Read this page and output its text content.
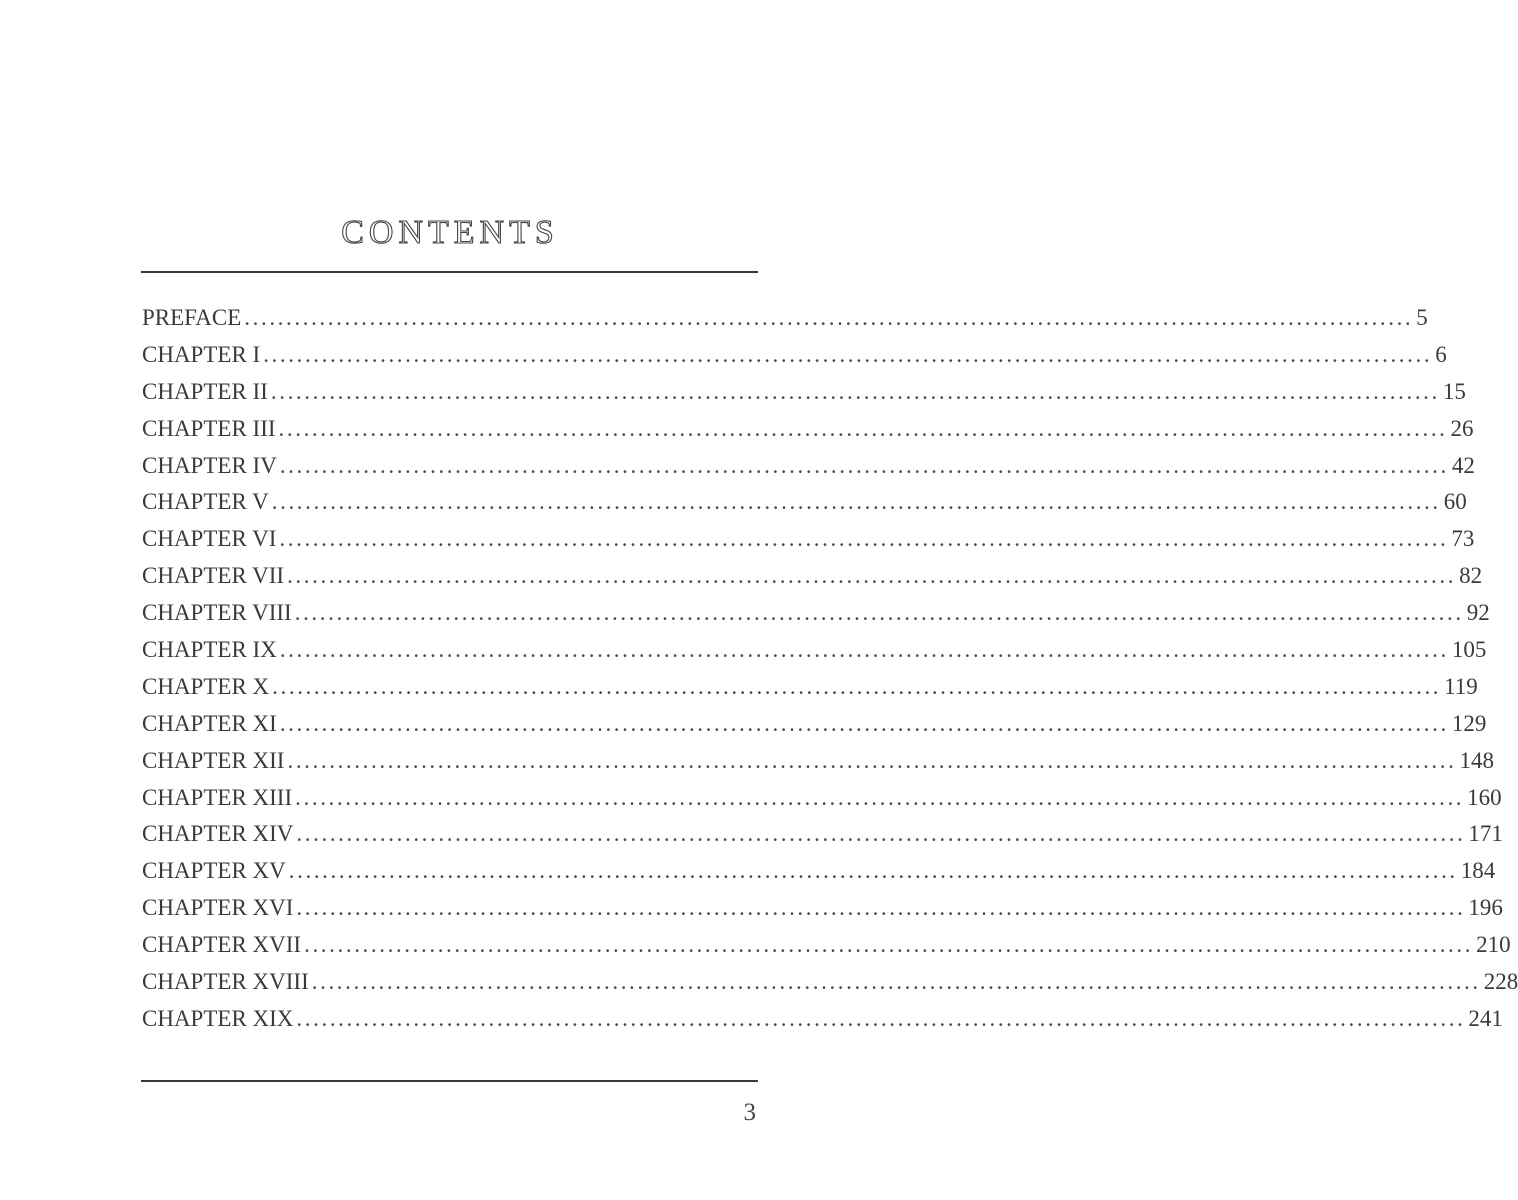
CONTENTS
PREFACE ............................................................................................................................................ 5
CHAPTER I ............................................................................................................................................ 6
CHAPTER II ............................................................................................................................................ 15
CHAPTER III ............................................................................................................................................ 26
CHAPTER IV ............................................................................................................................................ 42
CHAPTER V ............................................................................................................................................ 60
CHAPTER VI ............................................................................................................................................ 73
CHAPTER VII ............................................................................................................................................ 82
CHAPTER VIII ............................................................................................................................................ 92
CHAPTER IX ............................................................................................................................................ 105
CHAPTER X ............................................................................................................................................ 119
CHAPTER XI ............................................................................................................................................ 129
CHAPTER XII ............................................................................................................................................ 148
CHAPTER XIII ............................................................................................................................................ 160
CHAPTER XIV ............................................................................................................................................ 171
CHAPTER XV ............................................................................................................................................ 184
CHAPTER XVI ............................................................................................................................................ 196
CHAPTER XVII ............................................................................................................................................ 210
CHAPTER XVIII ............................................................................................................................................ 228
CHAPTER XIX ............................................................................................................................................ 241
3
